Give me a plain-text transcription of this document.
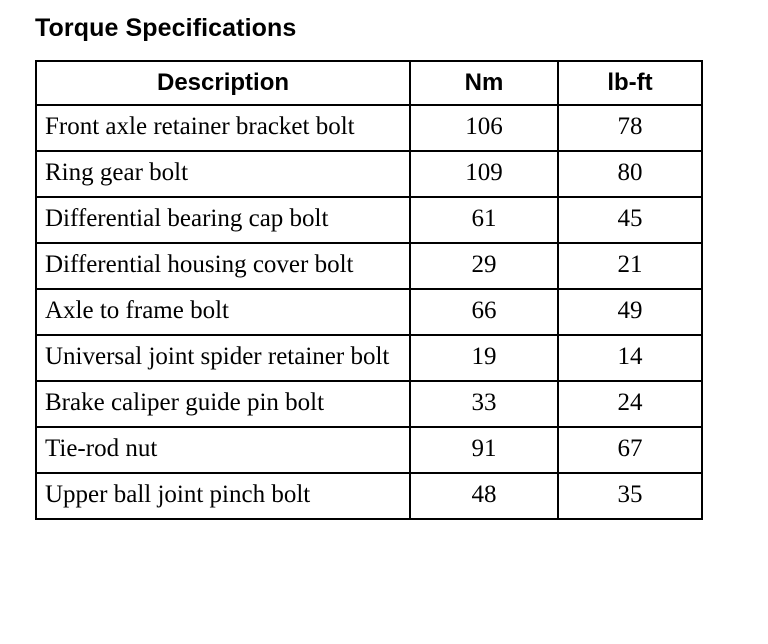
Torque Specifications
Description	Nm	lb-ft
Front axle retainer bracket bolt	106	78
Ring gear bolt	109	80
Differential bearing cap bolt	61	45
Differential housing cover bolt	29	21
Axle to frame bolt	66	49
Universal joint spider retainer bolt	19	14
Brake caliper guide pin bolt	33	24
Tie-rod nut	91	67
Upper ball joint pinch bolt	48	35
